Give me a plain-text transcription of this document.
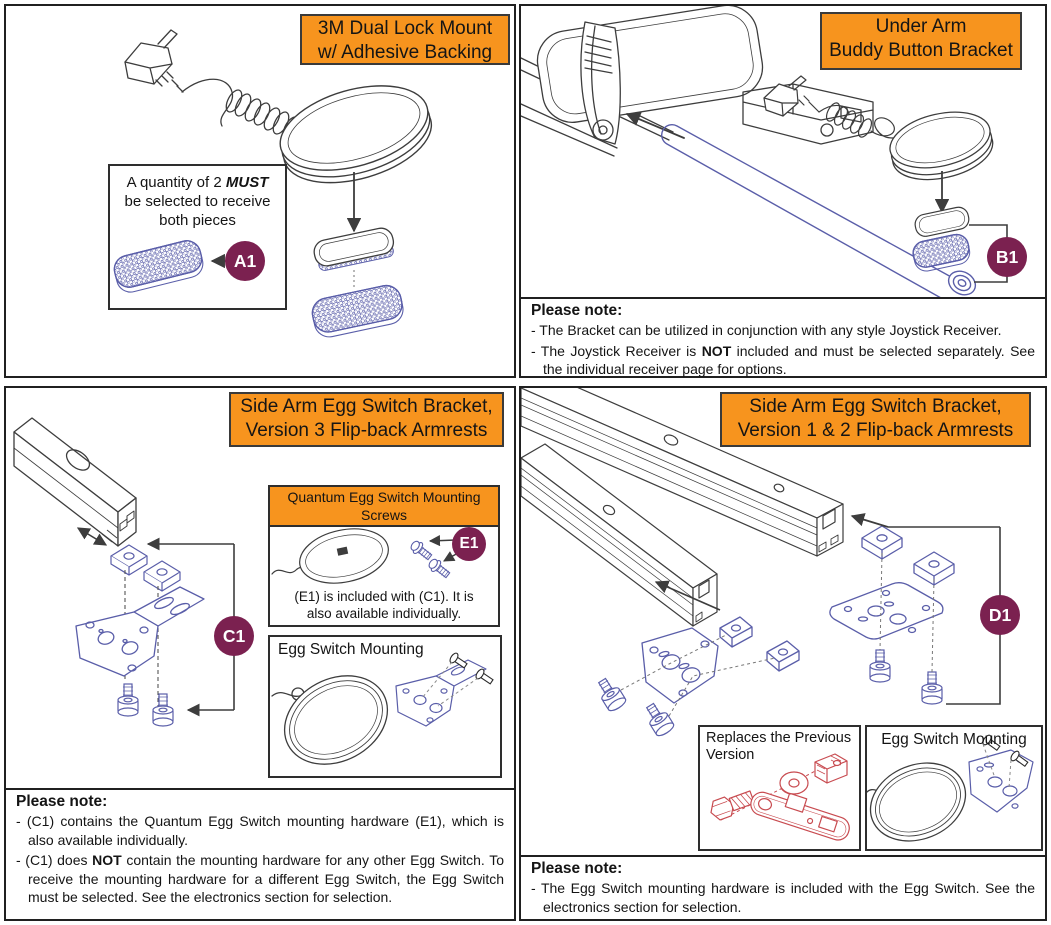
3M Dual Lock Mount
w/ Adhesive Backing
A quantity of 2 MUST
be selected to receive
both pieces
A1
Under Arm
Buddy Button Bracket
B1
Please note:

- The Bracket can be utilized in conjunction with any style Joystick Receiver.

- The Joystick Receiver is NOT included and must be selected separately. See the individual receiver page for options.

Side Arm Egg Switch Bracket,
Version 3 Flip-back Armrests
Quantum Egg Switch Mounting Screws
(E1) is included with (C1). It is
also available individually.
Egg Switch Mounting
C1
E1
Please note:

- (C1) contains the Quantum Egg Switch mounting hardware (E1), which is also available individually.

- (C1) does NOT contain the mounting hardware for any other Egg Switch. To receive the mounting hardware for a different Egg Switch, the Egg Switch must be selected. See the electronics section for selection.

Side Arm Egg Switch Bracket,
Version 1 & 2 Flip-back Armrests
Replaces the Previous Version
Egg Switch Mounting
D1
Please note:

- The Egg Switch mounting hardware is included with the Egg Switch. See the electronics section for selection.
